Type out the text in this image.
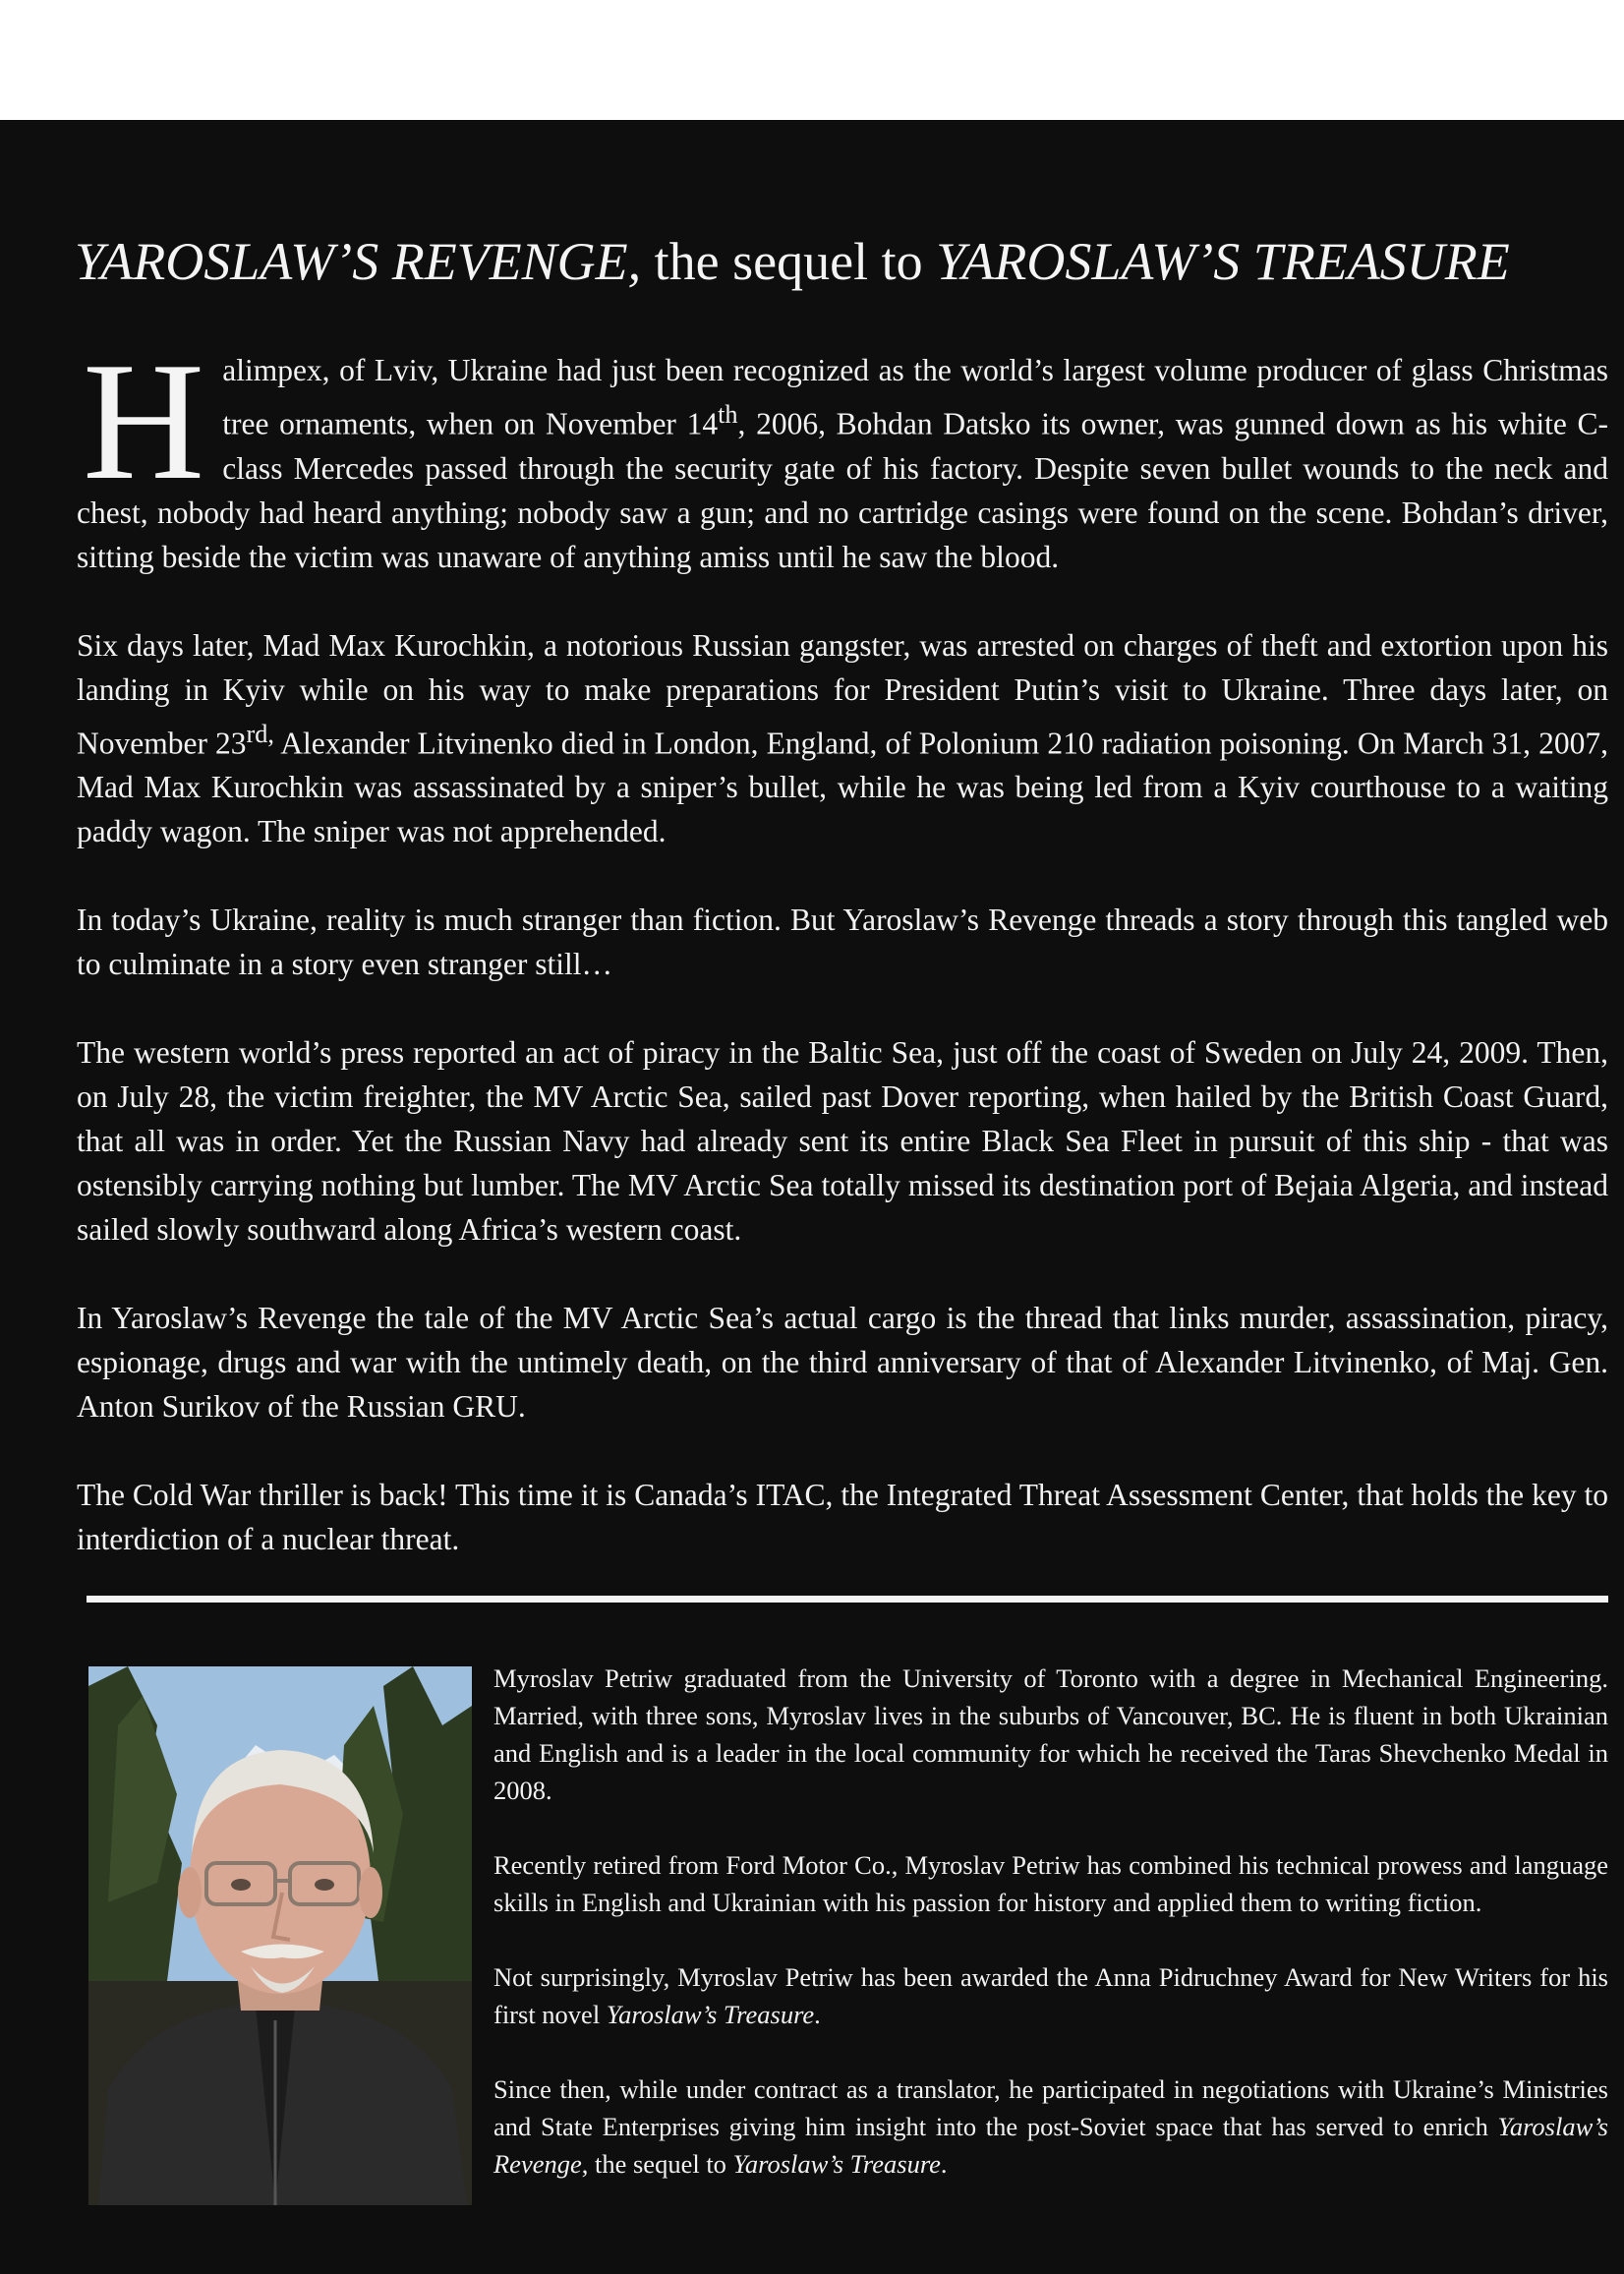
YAROSLAW’S REVENGE, the sequel to YAROSLAW’S TREASURE

Halimpex, of Lviv, Ukraine had just been recognized as the world’s largest volume producer of glass Christmas tree ornaments, when on November 14th, 2006, Bohdan Datsko its owner, was gunned down as his white C-class Mercedes passed through the security gate of his factory. Despite seven bullet wounds to the neck and chest, nobody had heard anything; nobody saw a gun; and no cartridge casings were found on the scene. Bohdan’s driver, sitting beside the victim was unaware of anything amiss until he saw the blood.

Six days later, Mad Max Kurochkin, a notorious Russian gangster, was arrested on charges of theft and extortion upon his landing in Kyiv while on his way to make preparations for President Putin’s visit to Ukraine. Three days later, on November $23^{rd,}$ Alexander Litvinenko died in London, England, of Polonium 210 radiation poisoning. On March 31, 2007, Mad Max Kurochkin was assassinated by a sniper’s bullet, while he was being led from a Kyiv courthouse to a waiting paddy wagon. The sniper was not apprehended.

In today’s Ukraine, reality is much stranger than fiction. But Yaroslaw’s Revenge threads a story through this tangled web to culminate in a story even stranger still…

The western world’s press reported an act of piracy in the Baltic Sea, just off the coast of Sweden on July 24, 2009. Then, on July 28, the victim freighter, the MV Arctic Sea, sailed past Dover reporting, when hailed by the British Coast Guard, that all was in order. Yet the Russian Navy had already sent its entire Black Sea Fleet in pursuit of this ship - that was ostensibly carrying nothing but lumber. The MV Arctic Sea totally missed its destination port of Bejaia Algeria, and instead sailed slowly southward along Africa’s western coast.

In Yaroslaw’s Revenge the tale of the MV Arctic Sea’s actual cargo is the thread that links murder, assassination, piracy, espionage, drugs and war with the untimely death, on the third anniversary of that of Alexander Litvinenko, of Maj. Gen. Anton Surikov of the Russian GRU.

The Cold War thriller is back! This time it is Canada’s ITAC, the Integrated Threat Assessment Center, that holds the key to interdiction of a nuclear threat.

Myroslav Petriw graduated from the University of Toronto with a degree in Mechanical Engineering. Married, with three sons, Myroslav lives in the suburbs of Vancouver, BC. He is fluent in both Ukrainian and English and is a leader in the local community for which he received the Taras Shevchenko Medal in 2008.

Recently retired from Ford Motor Co., Myroslav Petriw has combined his technical prowess and language skills in English and Ukrainian with his passion for history and applied them to writing fiction.

Not surprisingly, Myroslav Petriw has been awarded the Anna Pidruchney Award for New Writers for his first novel Yaroslaw’s Treasure.

Since then, while under contract as a translator, he participated in negotiations with Ukraine’s Ministries and State Enterprises giving him insight into the post-Soviet space that has served to enrich Yaroslaw’s Revenge, the sequel to Yaroslaw’s Treasure.
